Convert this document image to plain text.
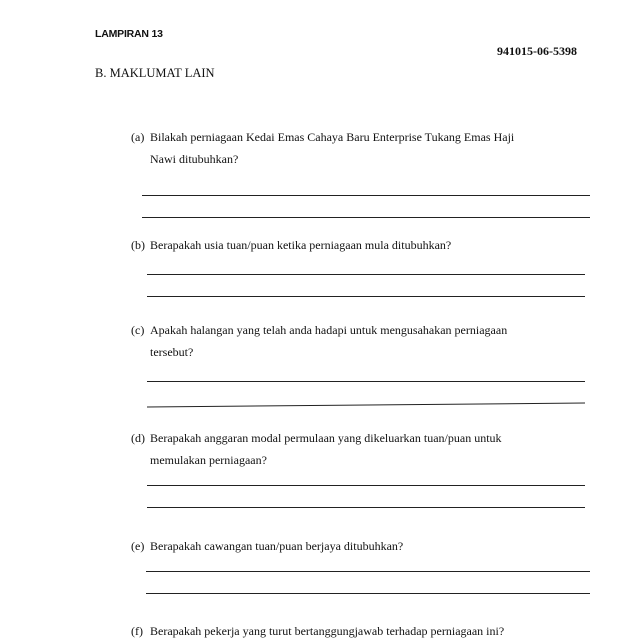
LAMPIRAN 13
941015-06-5398
B. MAKLUMAT LAIN
(a) Bilakah perniagaan Kedai Emas Cahaya Baru Enterprise Tukang Emas Haji
Nawi ditubuhkan?
(b) Berapakah usia tuan/puan ketika perniagaan mula ditubuhkan?
(c) Apakah halangan yang telah anda hadapi untuk mengusahakan perniagaan
tersebut?
(d) Berapakah anggaran modal permulaan yang dikeluarkan tuan/puan untuk
memulakan perniagaan?
(e) Berapakah cawangan tuan/puan berjaya ditubuhkan?
(f) Berapakah pekerja yang turut bertanggungjawab terhadap perniagaan ini?
